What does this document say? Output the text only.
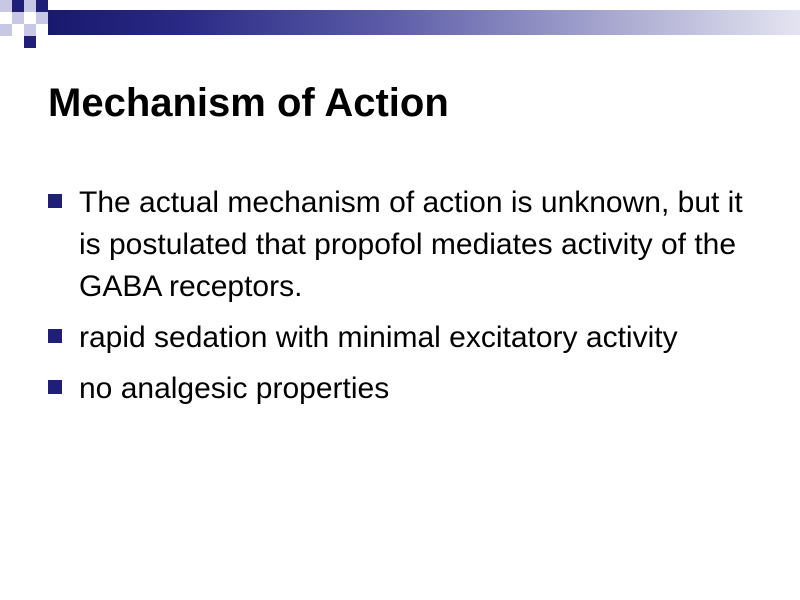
Mechanism of Action
The actual mechanism of action is unknown, but it is postulated that propofol mediates activity of the GABA receptors.
rapid sedation with minimal excitatory activity
no analgesic properties
